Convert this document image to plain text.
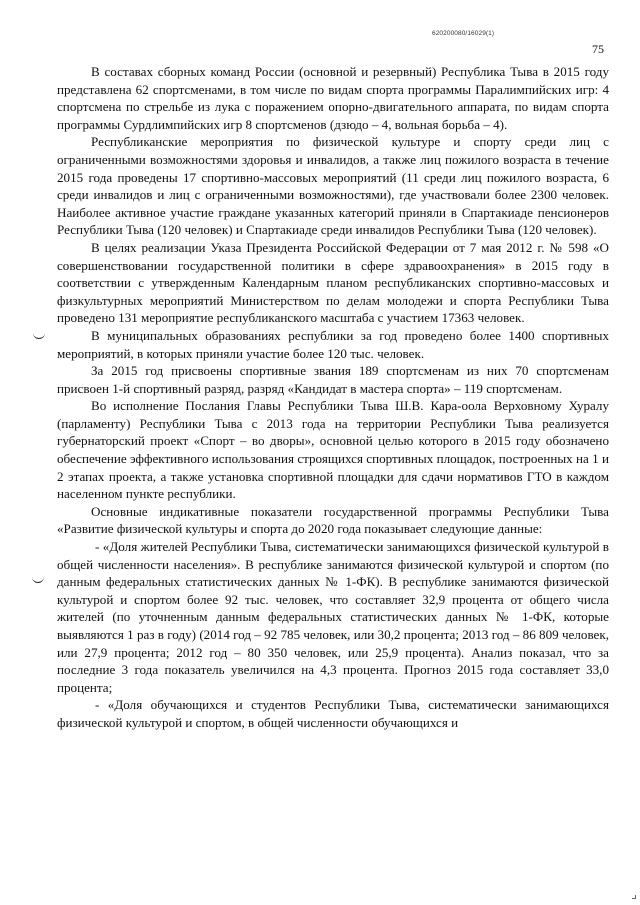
620200080/16029(1)
75

В составах сборных команд России (основной и резервный) Республика Тыва в 2015 году представлена 62 спортсменами, в том числе по видам спорта программы Паралимпийских игр: 4 спортсмена по стрельбе из лука с поражением опорно-двигательного аппарата, по видам спорта программы Сурдлимпийских игр 8 спортсменов (дзюдо – 4, вольная борьба – 4).

Республиканские мероприятия по физической культуре и спорту среди лиц с ограниченными возможностями здоровья и инвалидов, а также лиц пожилого возраста в течение 2015 года проведены 17 спортивно-массовых мероприятий (11 среди лиц пожилого возраста, 6 среди инвалидов и лиц с ограниченными возможностями), где участвовали более 2300 человек. Наиболее активное участие граждане указанных категорий приняли в Спартакиаде пенсионеров Республики Тыва (120 человек) и Спартакиаде среди инвалидов Республики Тыва (120 человек).

В целях реализации Указа Президента Российской Федерации от 7 мая 2012 г. № 598 «О совершенствовании государственной политики в сфере здравоохранения» в 2015 году в соответствии с утвержденным Календарным планом республиканских спортивно-массовых и физкультурных мероприятий Министерством по делам молодежи и спорта Республики Тыва проведено 131 мероприятие республиканского масштаба с участием 17363 человек.

В муниципальных образованиях республики за год проведено более 1400 спортивных мероприятий, в которых приняли участие более 120 тыс. человек.

За 2015 год присвоены спортивные звания 189 спортсменам из них 70 спортсменам присвоен 1-й спортивный разряд, разряд «Кандидат в мастера спорта» – 119 спортсменам.

Во исполнение Послания Главы Республики Тыва Ш.В. Кара-оола Верховному Хуралу (парламенту) Республики Тыва с 2013 года на территории Республики Тыва реализуется губернаторский проект «Спорт – во дворы», основной целью которого в 2015 году обозначено обеспечение эффективного использования строящихся спортивных площадок, построенных на 1 и 2 этапах проекта, а также установка спортивной площадки для сдачи нормативов ГТО в каждом населенном пункте республики.

Основные индикативные показатели государственной программы Республики Тыва «Развитие физической культуры и спорта до 2020 года показывает следующие данные:

- «Доля жителей Республики Тыва, систематически занимающихся физической культурой в общей численности населения». В республике занимаются физической культурой и спортом (по данным федеральных статистических данных № 1-ФК). В республике занимаются физической культурой и спортом более 92 тыс. человек, что составляет 32,9 процента от общего числа жителей (по уточненным данным федеральных статистических данных № 1-ФК, которые выявляются 1 раз в году) (2014 год – 92 785 человек, или 30,2 процента; 2013 год – 86 809 человек, или 27,9 процента; 2012 год – 80 350 человек, или 25,9 процента). Анализ показал, что за последние 3 года показатель увеличился на 4,3 процента. Прогноз 2015 года составляет 33,0 процента;

- «Доля обучающихся и студентов Республики Тыва, систематически занимающихся физической культурой и спортом, в общей численности обучающихся и
